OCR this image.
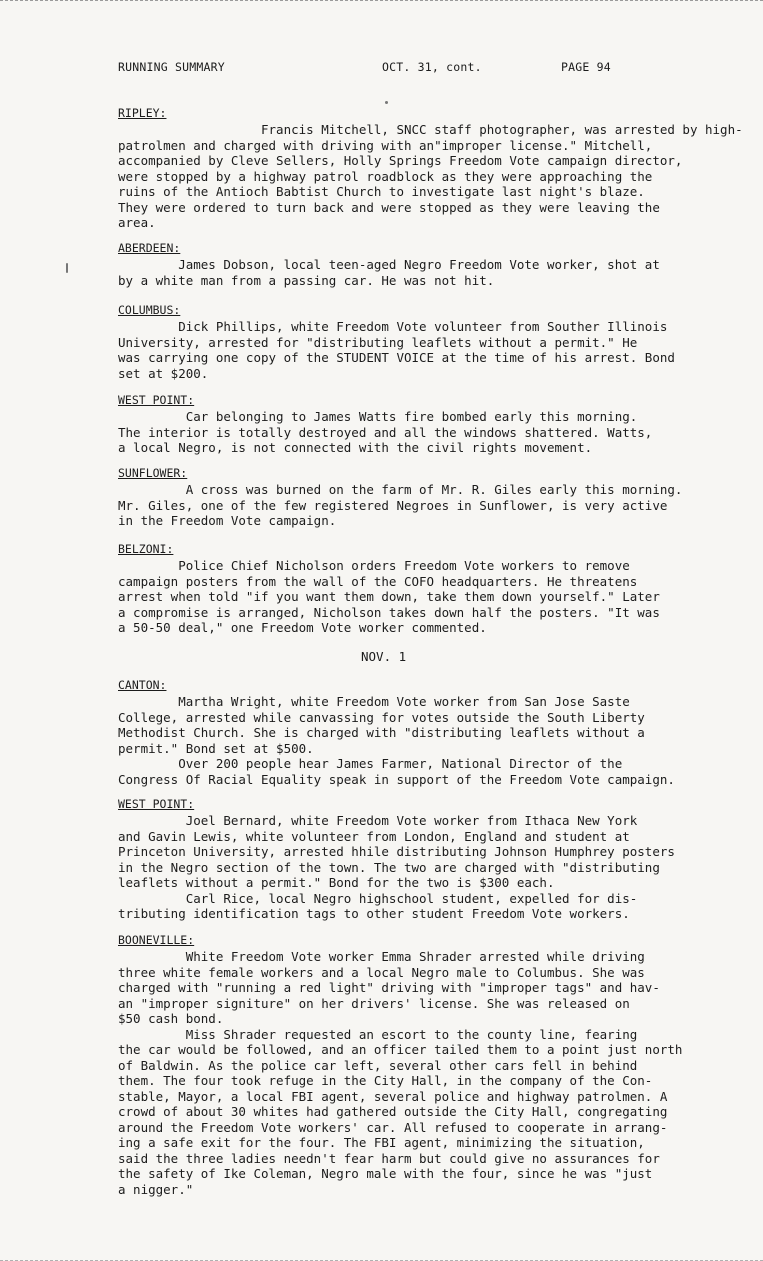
RUNNING SUMMARY	OCT. 31, cont.	PAGE 94
RIPLEY:
Francis Mitchell, SNCC staff photographer, was arrested by high-
patrolmen and charged with driving with an"improper license." Mitchell,
accompanied by Cleve Sellers, Holly Springs Freedom Vote campaign director,
were stopped by a highway patrol roadblock as they were approaching the
ruins of the Antioch Babtist Church to investigate last night's blaze.
They were ordered to turn back and were stopped as they were leaving the
area.
ABERDEEN:
James Dobson, local teen-aged Negro Freedom Vote worker, shot at
by a white man from a passing car. He was not hit.
COLUMBUS:
Dick Phillips, white Freedom Vote volunteer from Souther Illinois
University, arrested for "distributing leaflets without a permit." He
was carrying one copy of the STUDENT VOICE at the time of his arrest. Bond
set at $200.
WEST POINT:
Car belonging to James Watts fire bombed early this morning.
The interior is totally destroyed and all the windows shattered. Watts,
a local Negro, is not connected with the civil rights movement.
SUNFLOWER:
A cross was burned on the farm of Mr. R. Giles early this morning.
Mr. Giles, one of the few registered Negroes in Sunflower, is very active
in the Freedom Vote campaign.
BELZONI:
Police Chief Nicholson orders Freedom Vote workers to remove
campaign posters from the wall of the COFO headquarters. He threatens
arrest when told "if you want them down, take them down yourself." Later
a compromise is arranged, Nicholson takes down half the posters. "It was
a 50-50 deal," one Freedom Vote worker commented.
NOV. 1
CANTON:
Martha Wright, white Freedom Vote worker from San Jose Saste
College, arrested while canvassing for votes outside the South Liberty
Methodist Church. She is charged with "distributing leaflets without a
permit." Bond set at $500.
Over 200 people hear James Farmer, National Director of the
Congress Of Racial Equality speak in support of the Freedom Vote campaign.
WEST POINT:
Joel Bernard, white Freedom Vote worker from Ithaca New York
and Gavin Lewis, white volunteer from London, England and student at
Princeton University, arrested hhile distributing Johnson Humphrey posters
in the Negro section of the town. The two are charged with "distributing
leaflets without a permit." Bond for the two is $300 each.
Carl Rice, local Negro highschool student, expelled for dis-
tributing identification tags to other student Freedom Vote workers.
BOONEVILLE:
White Freedom Vote worker Emma Shrader arrested while driving
three white female workers and a local Negro male to Columbus. She was
charged with "running a red light" driving with "improper tags" and hav-
an "improper signiture" on her drivers' license. She was released on
$50 cash bond.
Miss Shrader requested an escort to the county line, fearing
the car would be followed, and an officer tailed them to a point just north
of Baldwin. As the police car left, several other cars fell in behind
them. The four took refuge in the City Hall, in the company of the Con-
stable, Mayor, a local FBI agent, several police and highway patrolmen. A
crowd of about 30 whites had gathered outside the City Hall, congregating
around the Freedom Vote workers' car. All refused to cooperate in arrang-
ing a safe exit for the four. The FBI agent, minimizing the situation,
said the three ladies needn't fear harm but could give no assurances for
the safety of Ike Coleman, Negro male with the four, since he was "just
a nigger."
